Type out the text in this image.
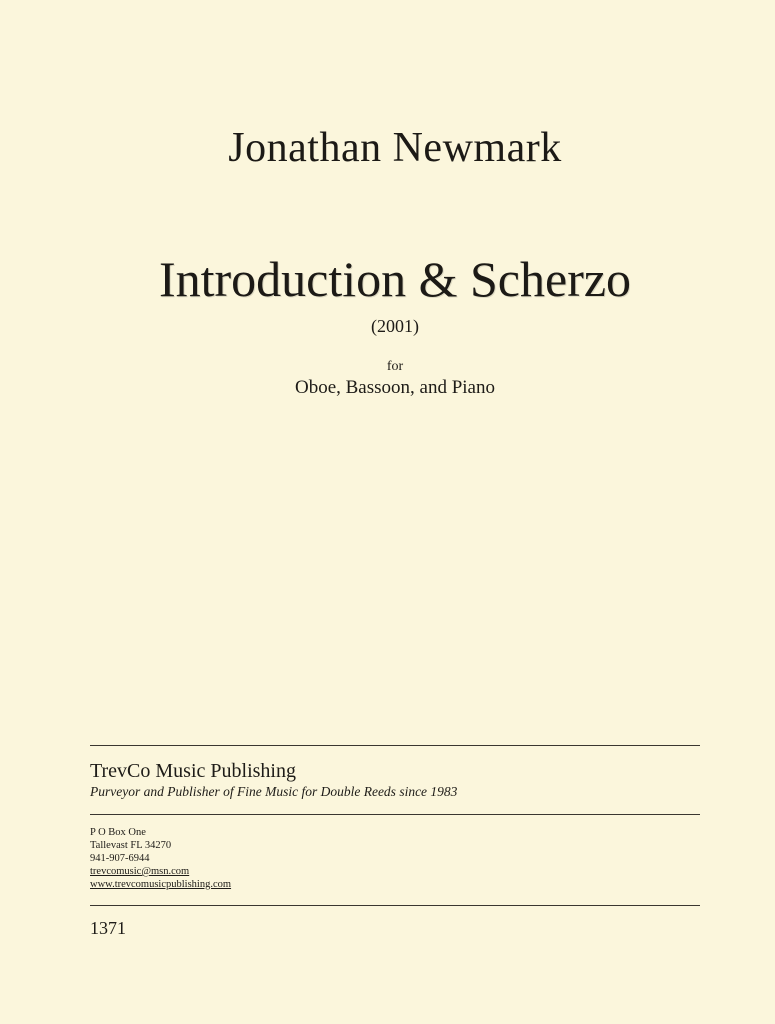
Jonathan Newmark
Introduction & Scherzo
(2001)
for
Oboe, Bassoon, and Piano
TrevCo Music Publishing
Purveyor and Publisher of Fine Music for Double Reeds since 1983
P O Box One
Tallevast FL 34270
941-907-6944
trevcomusic@msn.com
www.trevcomusicpublishing.com
1371
